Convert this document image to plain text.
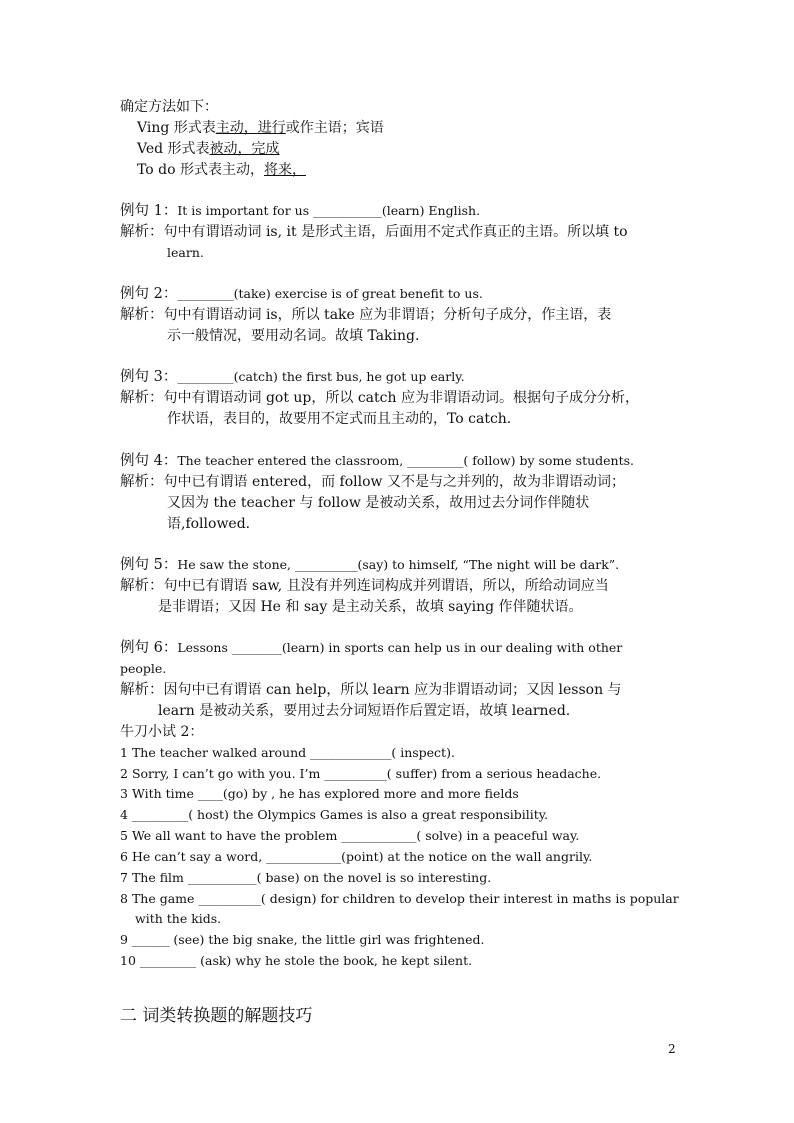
确定方法如下：
Ving 形式表主动，进行或作主语；宾语
Ved 形式表被动，完成
To do 形式表主动，将来，
例句 1：It is important for us ___________(learn) English.
解析：句中有谓语动词 is, it 是形式主语，后面用不定式作真正的主语。所以填 to
learn.
例句 2：_________(take) exercise is of great benefit to us.
解析：句中有谓语动词 is，所以 take 应为非谓语；分析句子成分，作主语，表
示一般情况，要用动名词。故填 Taking.
例句 3：_________(catch) the first bus, he got up early.
解析：句中有谓语动词 got up，所以 catch 应为非谓语动词。根据句子成分分析，
作状语，表目的，故要用不定式而且主动的，To catch.
例句 4：The teacher entered the classroom, _________( follow) by some students.
解析：句中已有谓语 entered，而 follow 又不是与之并列的，故为非谓语动词；
又因为 the teacher 与 follow 是被动关系，故用过去分词作伴随状
语,followed.
例句 5：He saw the stone, __________(say) to himself, “The night will be dark”.
解析：句中已有谓语 saw, 且没有并列连词构成并列谓语，所以，所给动词应当
是非谓语；又因 He 和 say 是主动关系，故填 saying 作伴随状语。
例句 6：Lessons ________(learn) in sports can help us in our dealing with other
people.
解析：因句中已有谓语 can help，所以 learn 应为非谓语动词；又因 lesson 与
learn 是被动关系，要用过去分词短语作后置定语，故填 learned.
牛刀小试 2：
1 The teacher walked around _____________( inspect).
2 Sorry, I can’t go with you. I’m __________( suffer) from a serious headache.
3 With time ____(go) by , he has explored more and more fields
4 _________( host) the Olympics Games is also a great responsibility.
5 We all want to have the problem ____________( solve) in a peaceful way.
6 He can’t say a word, ____________(point) at the notice on the wall angrily.
7 The film ___________( base) on the novel is so interesting.
8 The game __________( design) for children to develop their interest in maths is popular
with the kids.
9 ______ (see) the big snake, the little girl was frightened.
10 _________ (ask) why he stole the book, he kept silent.
二 词类转换题的解题技巧
2
